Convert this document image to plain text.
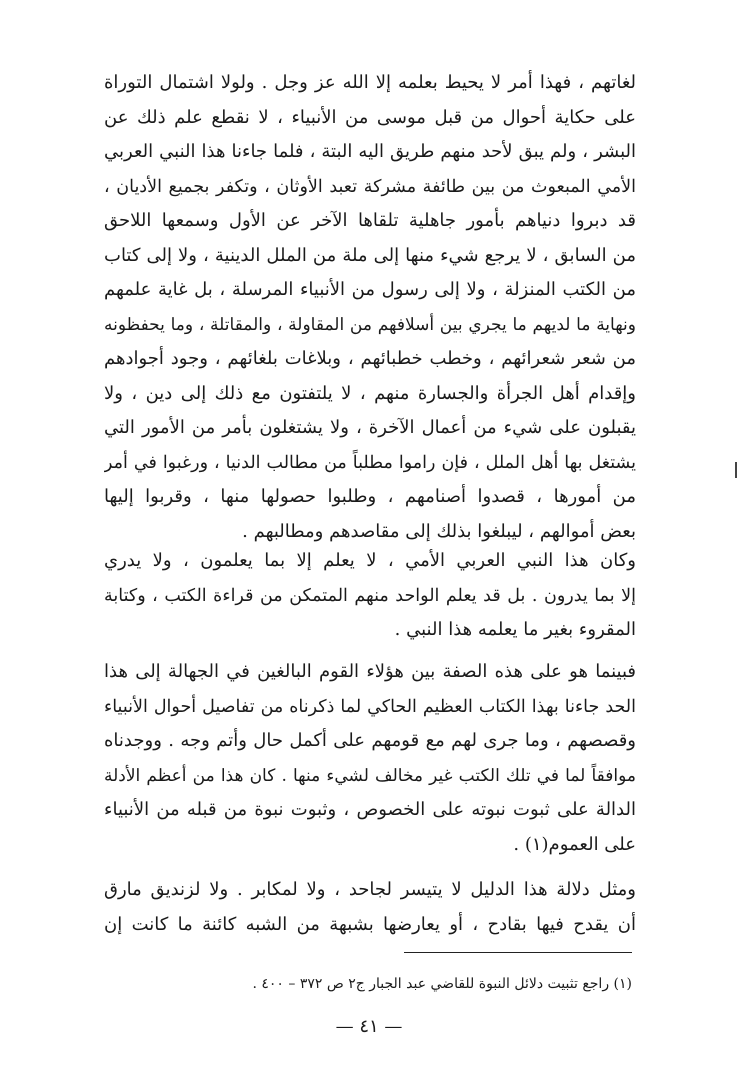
لغاتهم ، فهذا أمر لا يحيط بعلمه إلا الله عز وجل . ولولا اشتمال التوراة
على حكاية أحوال من قبل موسى من الأنبياء ، لا نقطع علم ذلك عن
البشر ، ولم يبق لأحد منهم طريق اليه البتة ، فلما جاءنا هذا النبي العربي
الأمي المبعوث من بين طائفة مشركة تعبد الأوثان ، وتكفر بجميع الأديان ،
قد دبروا دنياهم بأمور جاهلية تلقاها الآخر عن الأول وسمعها اللاحق
من السابق ، لا يرجع شيء منها إلى ملة من الملل الدينية ، ولا إلى كتاب
من الكتب المنزلة ، ولا إلى رسول من الأنبياء المرسلة ، بل غاية علمهم
ونهاية ما لديهم ما يجري بين أسلافهم من المقاولة ، والمقاتلة ، وما يحفظونه
من شعر شعرائهم ، وخطب خطبائهم ، وبلاغات بلغائهم ، وجود أجوادهم
وإقدام أهل الجرأة والجسارة منهم ، لا يلتفتون مع ذلك إلى دين ، ولا
يقبلون على شيء من أعمال الآخرة ، ولا يشتغلون بأمر من الأمور التي
يشتغل بها أهل الملل ، فإن راموا مطلباً من مطالب الدنيا ، ورغبوا في أمر
من أمورها ، قصدوا أصنامهم ، وطلبوا حصولها منها ، وقربوا إليها
بعض أموالهم ، ليبلغوا بذلك إلى مقاصدهم ومطالبهم .
وكان هذا النبي العربي الأمي ، لا يعلم إلا بما يعلمون ، ولا يدري
إلا بما يدرون . بل قد يعلم الواحد منهم المتمكن من قراءة الكتب ، وكتابة
المقروء بغير ما يعلمه هذا النبي .
فبينما هو على هذه الصفة بين هؤلاء القوم البالغين في الجهالة إلى هذا
الحد جاءنا بهذا الكتاب العظيم الحاكي لما ذكرناه من تفاصيل أحوال الأنبياء
وقصصهم ، وما جرى لهم مع قومهم على أكمل حال وأتم وجه . ووجدناه
موافقاً لما في تلك الكتب غير مخالف لشيء منها . كان هذا من أعظم الأدلة
الدالة على ثبوت نبوته على الخصوص ، وثبوت نبوة من قبله من الأنبياء
على العموم(١) .
ومثل دلالة هذا الدليل لا يتيسر لجاحد ، ولا لمكابر . ولا لزنديق مارق
أن يقدح فيها بقادح ، أو يعارضها بشبهة من الشبه كائنة ما كانت إن
(١) راجع تثبيت دلائل النبوة للقاضي عبد الجبار ج٢ ص ٣٧٢ – ٤٠٠ .
— ٤١ —
